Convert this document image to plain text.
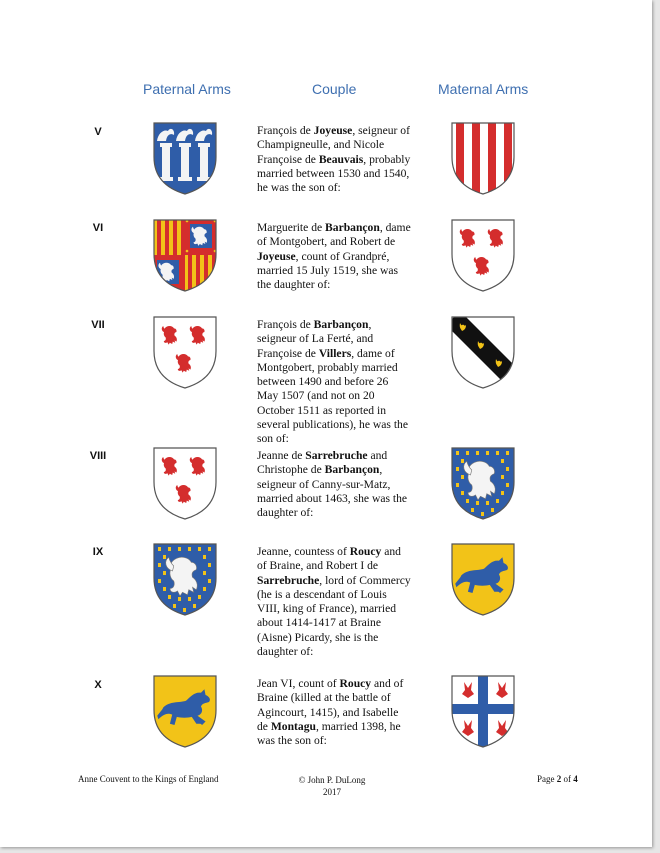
Paternal Arms	Couple	Maternal Arms
V	François de Joyeuse, seigneur of Champigneulle, and Nicole Françoise de Beauvais, probably married between 1530 and 1540, he was the son of:
VI	Marguerite de Barbançon, dame of Montgobert, and Robert de Joyeuse, count of Grandpré, married 15 July 1519, she was the daughter of:
VII	François de Barbançon, seigneur of La Ferté, and Françoise de Villers, dame of Montgobert, probably married between 1490 and before 26 May 1507 (and not on 20 October 1511 as reported in several publications), he was the son of:
VIII	Jeanne de Sarrebruche and Christophe de Barbançon, seigneur of Canny-sur-Matz, married about 1463, she was the daughter of:
IX	Jeanne, countess of Roucy and of Braine, and Robert I de Sarrebruche, lord of Commercy (he is a descendant of Louis VIII, king of France), married about 1414-1417 at Braine (Aisne) Picardy, she is the daughter of:
X	Jean VI, count of Roucy and of Braine (killed at the battle of Agincourt, 1415), and Isabelle de Montagu, married 1398, he was the son of:
Anne Couvent to the Kings of England	© John P. DuLong
2017
Page 2 of 4
